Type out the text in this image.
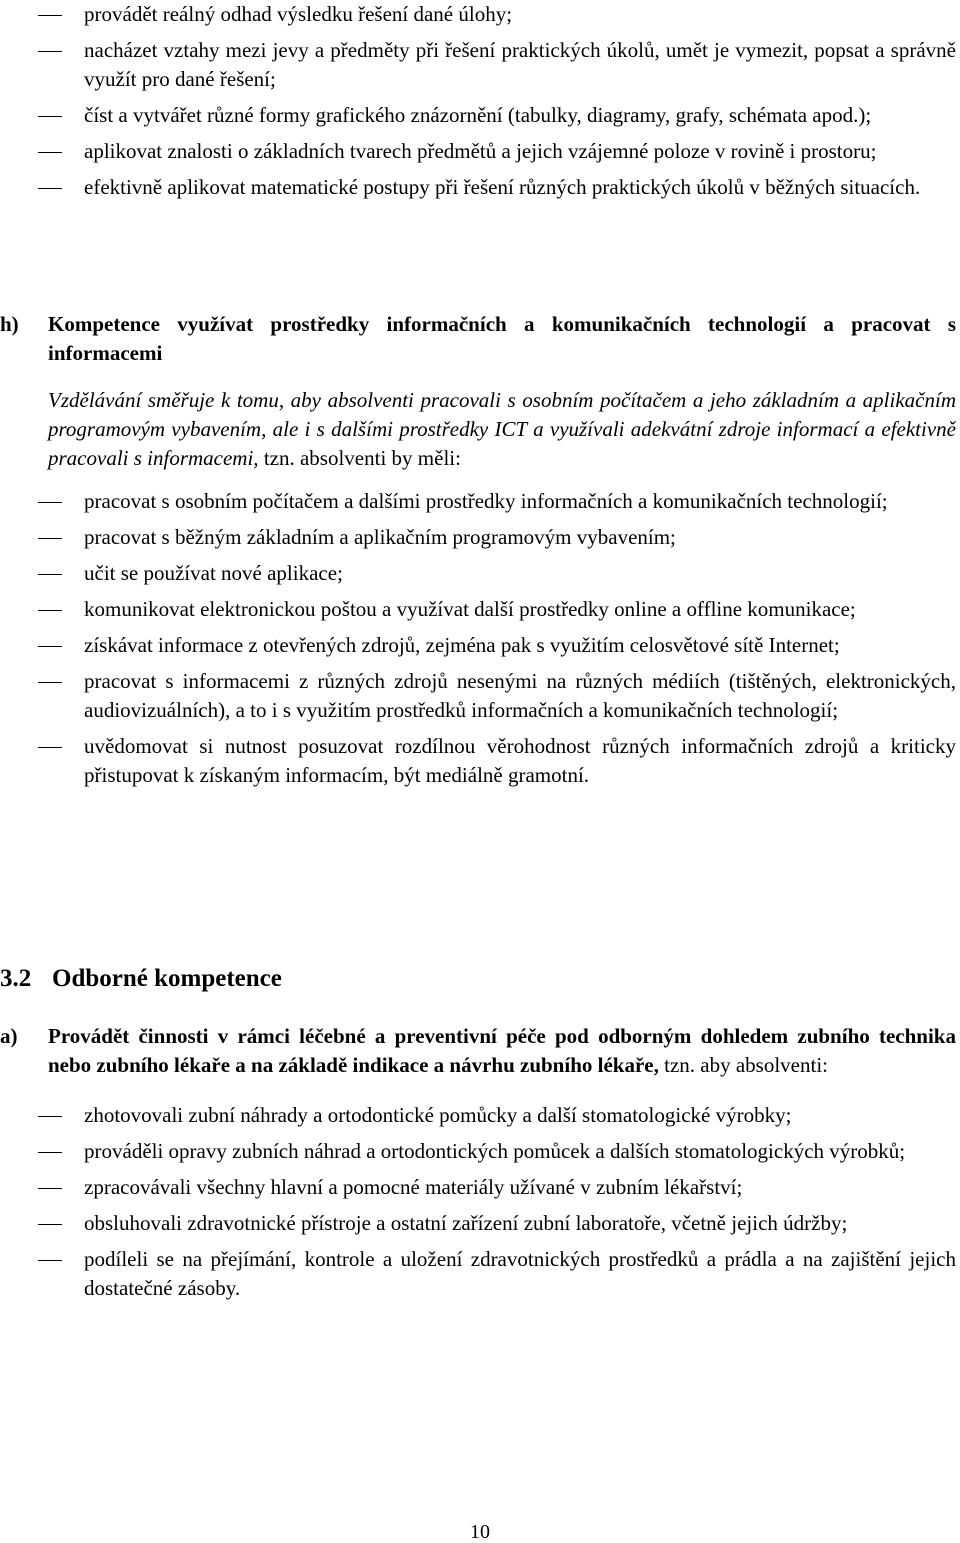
provádět reálný odhad výsledku řešení dané úlohy;
nacházet vztahy mezi jevy a předměty při řešení praktických úkolů, umět je vymezit, popsat a správně využít pro dané řešení;
číst a vytvářet různé formy grafického znázornění (tabulky, diagramy, grafy, schémata apod.);
aplikovat znalosti o základních tvarech předmětů a jejich vzájemné poloze v rovině i prostoru;
efektivně aplikovat matematické postupy při řešení různých praktických úkolů v běžných situacích.
h) Kompetence využívat prostředky informačních a komunikačních technologií a pracovat s informacemi
Vzdělávání směřuje k tomu, aby absolventi pracovali s osobním počítačem a jeho základním a aplikačním programovým vybavením, ale i s dalšími prostředky ICT a využívali adekvátní zdroje informací a efektivně pracovali s informacemi, tzn. absolventi by měli:
pracovat s osobním počítačem a dalšími prostředky informačních a komunikačních technologií;
pracovat s běžným základním a aplikačním programovým vybavením;
učit se používat nové aplikace;
komunikovat elektronickou poštou a využívat další prostředky online a offline komunikace;
získávat informace z otevřených zdrojů, zejména pak s využitím celosvětové sítě Internet;
pracovat s informacemi z různých zdrojů nesenými na různých médiích (tištěných, elektronických, audiovizuálních), a to i s využitím prostředků informačních a komunikačních technologií;
uvědomovat si nutnost posuzovat rozdílnou věrohodnost různých informačních zdrojů a kriticky přistupovat k získaným informacím, být mediálně gramotní.
3.2 Odborné kompetence
a) Provádět činnosti v rámci léčebné a preventivní péče pod odborným dohledem zubního technika nebo zubního lékaře a na základě indikace a návrhu zubního lékaře, tzn. aby absolventi:
zhotovovali zubní náhrady a ortodontické pomůcky a další stomatologické výrobky;
prováděli opravy zubních náhrad a ortodontických pomůcek a dalších stomatologických výrobků;
zpracovávali všechny hlavní a pomocné materiály užívané v zubním lékařství;
obsluhovali zdravotnické přístroje a ostatní zařízení zubní laboratoře, včetně jejich údržby;
podíleli se na přejímání, kontrole a uložení zdravotnických prostředků a prádla a na zajištění jejich dostatečné zásoby.
10
